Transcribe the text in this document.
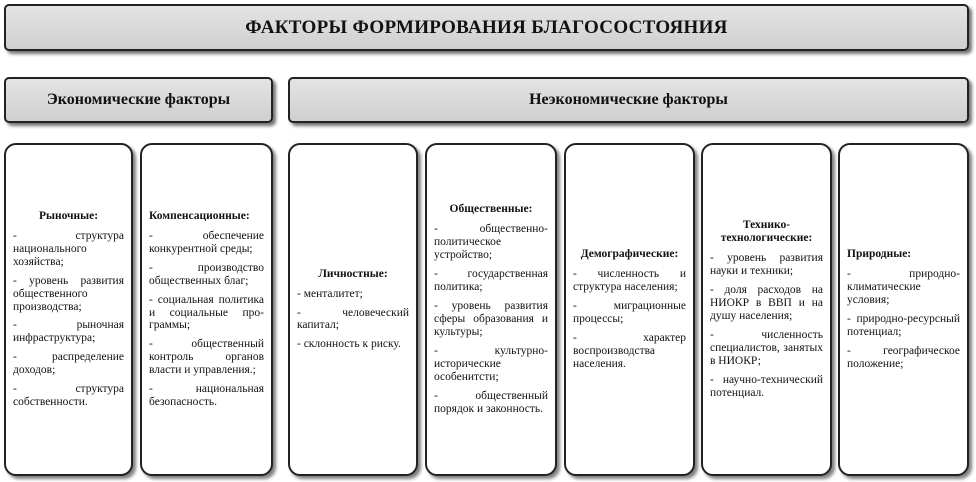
ФАКТОРЫ ФОРМИРОВАНИЯ БЛАГОСОСТОЯНИЯ
Экономические факторы	Неэкономические факторы
Рыночные:
- структура национального хозяйства;
- уровень развития общественного производства;
- рыночная инфраструктура;
- распределение доходов;
- структура собственности.
Компенсационные:
- обеспечение конкурентной среды;
- производство общественных благ;
- социальная политика и социальные программы;
- общественный контроль органов власти и управления.;
- национальная безопасность.
Личностные:
- менталитет;
- человеческий капитал;
- склонность к риску.
Общественные:
- общественно-политическое устройство;
- государственная политика;
- уровень развития сферы образования и культуры;
- культурно-исторические особенитсти;
- общественный порядок и законность.
Демографические:
- численность и структура населения;
- миграционные процессы;
- характер воспроизводства населения.
Технико-технологические:
- уровень развития науки и техники;
- доля расходов на НИОКР в ВВП и на душу населения;
- численность специалистов, занятых в НИОКР;
- научно-технический потенциал.
Природные:
- природно-климатические условия;
- природно-ресурсный потенциал;
- географическое положение;
